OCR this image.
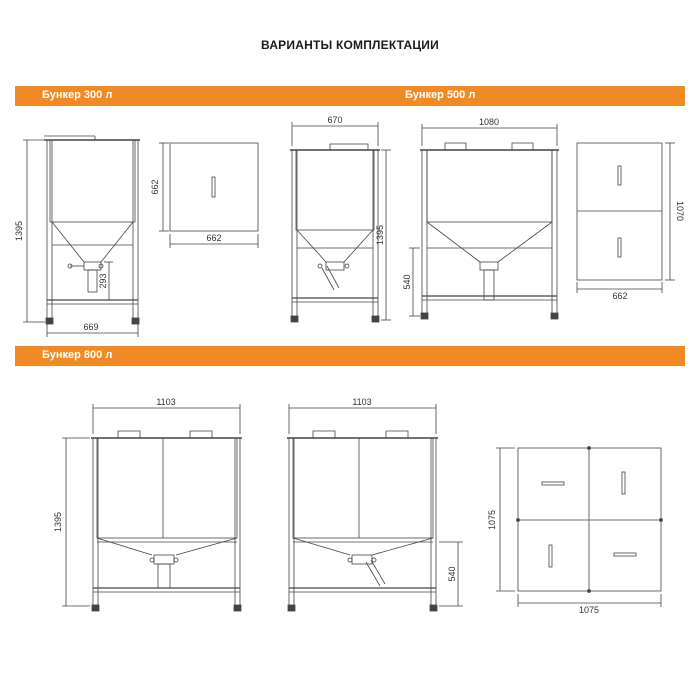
ВАРИАНТЫ КОМПЛЕКТАЦИИ
Бункер 300 л	Бункер 500 л
Бункер 800 л
1395
669
293
662
662
670
1395
1080
540
1070
662
1395
1103	1103
540
1075
1075
